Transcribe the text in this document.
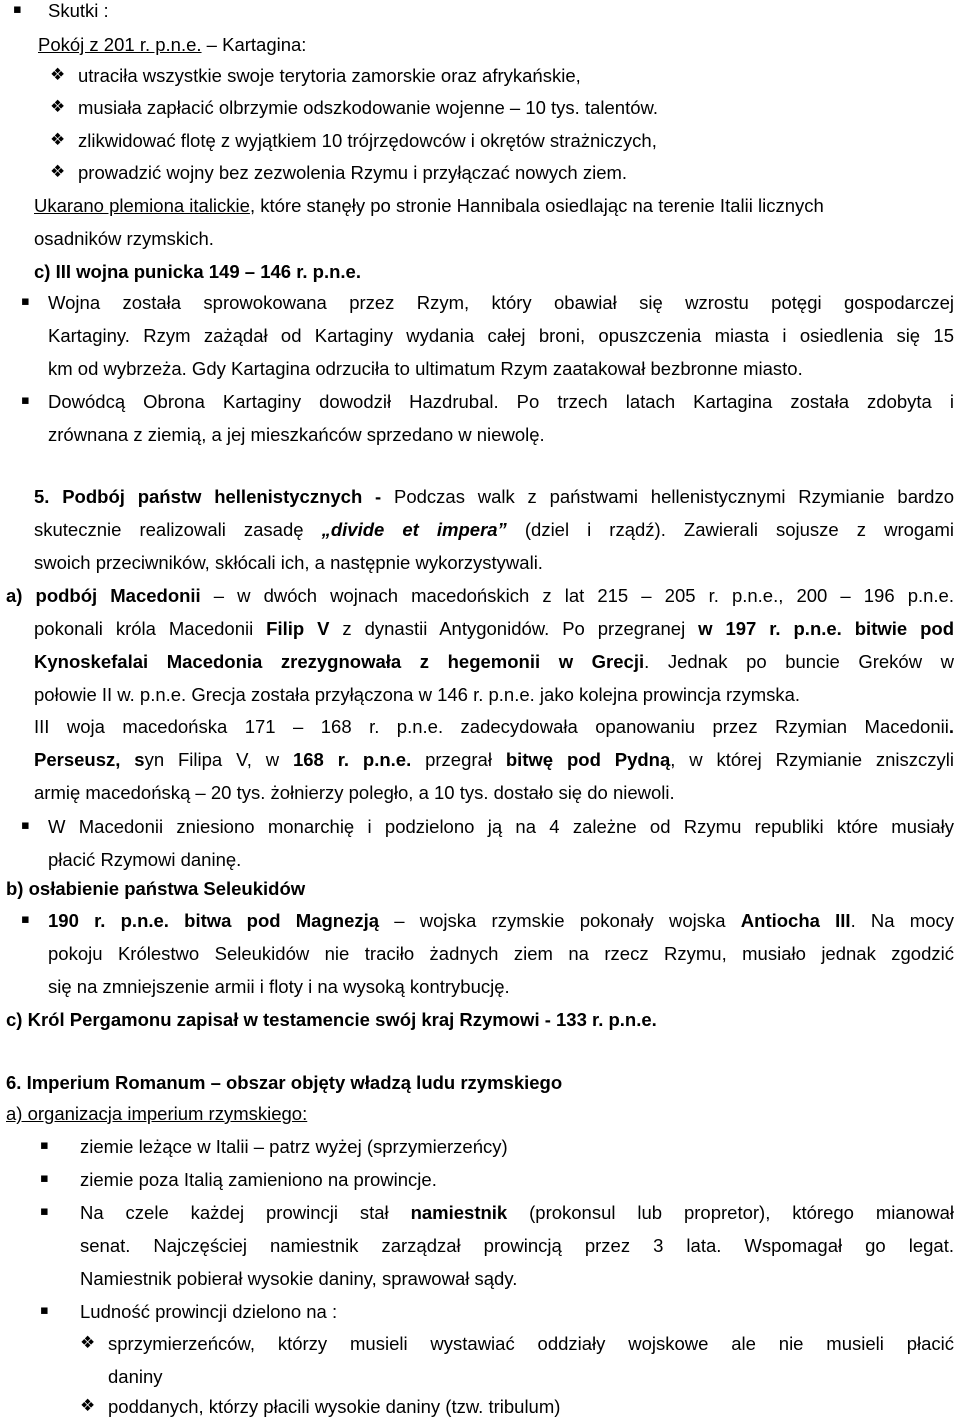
▪ Skutki :
Pokój z 201 r. p.n.e. – Kartagina:
❖ utraciła wszystkie swoje terytoria zamorskie oraz afrykańskie,
❖ musiała zapłacić olbrzymie odszkodowanie wojenne – 10 tys. talentów.
❖ zlikwidować flotę z wyjątkiem 10 trójrzędowców i okrętów strażniczych,
❖ prowadzić wojny bez zezwolenia Rzymu i przyłączać nowych ziem.
Ukarano plemiona italickie, które stanęły po stronie Hannibala osiedlając na terenie Italii licznych
osadników rzymskich.
c) III wojna punicka 149 – 146 r. p.n.e.
▪ Wojna została sprowokowana przez Rzym, który obawiał się wzrostu potęgi gospodarczej
Kartaginy. Rzym zażądał od Kartaginy wydania całej broni, opuszczenia miasta i osiedlenia się 15
km od wybrzeża. Gdy Kartagina odrzuciła to ultimatum Rzym zaatakował bezbronne miasto.
▪ Dowódcą Obrona Kartaginy dowodził Hazdrubal. Po trzech latach Kartagina została zdobyta i
zrównana z ziemią, a jej mieszkańców sprzedano w niewolę.
5. Podbój państw hellenistycznych - Podczas walk z państwami hellenistycznymi Rzymianie bardzo
skutecznie realizowali zasadę „divide et impera” (dziel i rządź). Zawierali sojusze z wrogami
swoich przeciwników, skłócali ich, a następnie wykorzystywali.
a) podbój Macedonii – w dwóch wojnach macedońskich z lat 215 – 205 r. p.n.e., 200 – 196 p.n.e.
pokonali króla Macedonii Filip V z dynastii Antygonidów. Po przegranej w 197 r. p.n.e. bitwie pod
Kynoskefalai Macedonia zrezygnowała z hegemonii w Grecji. Jednak po buncie Greków w
połowie II w. p.n.e. Grecja została przyłączona w 146 r. p.n.e. jako kolejna prowincja rzymska.
III woja macedońska 171 – 168 r. p.n.e. zadecydowała opanowaniu przez Rzymian Macedonii.
Perseusz, syn Filipa V, w 168 r. p.n.e. przegrał bitwę pod Pydną, w której Rzymianie zniszczyli
armię macedońską – 20 tys. żołnierzy poległo, a 10 tys. dostało się do niewoli.
▪ W Macedonii zniesiono monarchię i podzielono ją na 4 zależne od Rzymu republiki które musiały
płacić Rzymowi daninę.
b) osłabienie państwa Seleukidów
▪ 190 r. p.n.e. bitwa pod Magnezją – wojska rzymskie pokonały wojska Antiocha III. Na mocy
pokoju Królestwo Seleukidów nie traciło żadnych ziem na rzecz Rzymu, musiało jednak zgodzić
się na zmniejszenie armii i floty i na wysoką kontrybucję.
c) Król Pergamonu zapisał w testamencie swój kraj Rzymowi - 133 r. p.n.e.
6. Imperium Romanum – obszar objęty władzą ludu rzymskiego
a) organizacja imperium rzymskiego:
▪ ziemie leżące w Italii – patrz wyżej (sprzymierzeńcy)
▪ ziemie poza Italią zamieniono na prowincje.
▪ Na czele każdej prowincji stał namiestnik (prokonsul lub propretor), którego mianował
senat. Najczęściej namiestnik zarządzał prowincją przez 3 lata. Wspomagał go legat.
Namiestnik pobierał wysokie daniny, sprawował sądy.
▪ Ludność prowincji dzielono na :
❖ sprzymierzeńców, którzy musieli wystawiać oddziały wojskowe ale nie musieli płacić
daniny
❖ poddanych, którzy płacili wysokie daniny (tzw. tribulum)
